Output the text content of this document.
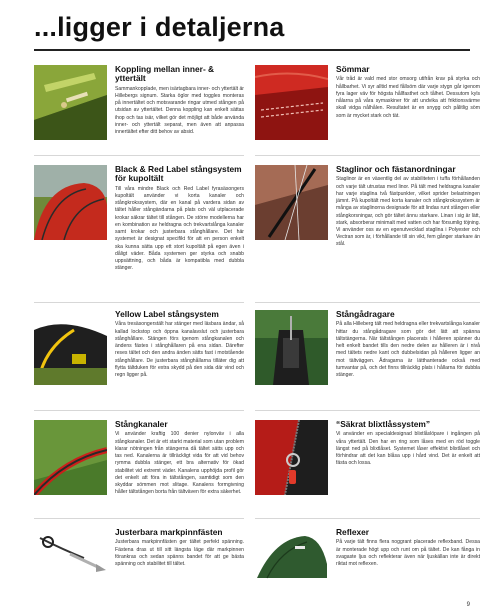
...ligger i detaljerna
Koppling mellan inner- & yttertält

Sammankopplade, men isärtagbara inner- och yttertält är Hillebergs signum. Starka öglor med toggles monteras på innertältet och motsvarande ringar utmed stången på utsidan av yttertältet. Denna koppling kan enkelt sättas ihop och tas isär, vilket gör det möjligt att både använda inner- och yttertält separat, men även att anpassa innertältet efter ditt behov av absid.

Sömmar

Vår tråd är vald med stor omsorg utifrån krav på styrka och hållbarhet. Vi syr alltid med fållsöm där varje stygn går igenom fyra lager väv för högsta hållfasthet och tålhet. Dessutom kyls nålarna på våra symaskiner för att undvika att friktionsvärme skall vidga nålhålen. Resultatet är en snygg och pålitlig söm som är mycket stark och tät.

Black & Red Label stångsystem för kupoltält

Till våra mindre Black och Red Label fyrasäsongers kupoltält använder vi korta kanaler och stångkrokssystem, där en kanal på vardera sidan av tältet håller stångändarna på plats och väl utplacerade krokar säkrar tältet till stången. De större modellerna har en kombination av heldragna och trekvartslånga kanaler samt krokar och justerbara stånghållare. Det här systemet är designat specifikt för att en person enkelt ska kunna sätta upp ett stort kupoltält på egen även i dåligt väder. Båda systemen ger styrka och snabb uppsättning, och båda är kompatibla med dubbla stänger.

Staglinor och fästanordningar

Staglinor är en väsentlig del av stabiliteten i tuffa förhållanden och varje tält utrustas med linor. På tält med heldragna kanaler har varje staglina två fästpunkter, vilket sprider belastningen jämnt. På kupoltält med korta kanaler och stångkrokssystem är många av staglinorna designade för att lindas runt stången eller stångkorsningar, och gör tältet ännu starkare. Linan i sig är lätt, stark, absorberar minimalt med vatten och har försumlig töjning. Vi använder oss av en egenutvecklad staglina i Polyester och Vectran som är, i förhållande till sin vikt, fem gånger starkare än stål.

Yellow Label stångsystem

Våra tresäsongerstält har stänger med läsbara ändar, så kallad lockstop och öppna kanalavslut och justerbara stånghållare. Stängen förs igenom stångkanalen och ändens fästes i stånghållaren på ena sidan. Därefter reses tältet och den andra änden sätts fast i motstående stånghållare. De justerbara stånghållarna tilläter dig att flytta tältduken för extra skydd på den sida där vind och regn ligger på.

Stångådragare

På alla Hilleberg tält med heldragna eller trekvartslånga kanaler hittar du stångådragare som gör det lätt att spänna tältstängerna. När tältstången placerats i hålleren spänner du helt enkelt bandet tills den nedre delen av hålleren är i nivå med tältets nedre kant och dubbelsidan på hålleren ligger an mot tältväggen. Ådragarna är lätthanterade också med tumvantar på, och det finns tillräcklig plats i hållarna för dubbla stänger.

Stångkanaler

Vi använder kraftig 100 denier nylonväv i alla stångkanaler. Det är ett starkt material som utan problem klarar nötningen från stängerna då tältet sätts upp och tas ned. Kanalerna är tillräckligt vida för att vid behov rymma dubbla stänger, ett bra alternativ för ökad stabilitet vid extremt väder. Kanalens upphöjda profil gör det enkelt att föra in tältstången, samtidigt som den skyddar sömmen mot slitage. Kanalens formgivning håller tältstången borta från tältväven för extra säkerhet.

“Säkrat blixtlåssystem”

Vi använder en specialdesignad blixtlåslöpare i ingången på våra yttertält. Den har en ring som låses med en röd toggle längst ned på blixtlåset. Systemet låser effektivt blixtlåset och förhindrar att det kan blåsa upp i hård vind. Det är enkelt att fästa och lossa.

Justerbara markpinnfästen

Justerbara markpinnfästen ger tältet perfekt spänning. Fästena dras ut till sitt längsta läge där markpinnen förankras och sedan spänns bandet för att ge bästa spänning och stabilitet till tältet.

Reflexer

På varje tält finns flera noggrant placerade reflexband. Dessa är monterade högt upp och runt om på tältet. De kan fånga in svagaste ljus och reflekterar även när ljuskällan inte är direkt riktat mot reflexen.

9
